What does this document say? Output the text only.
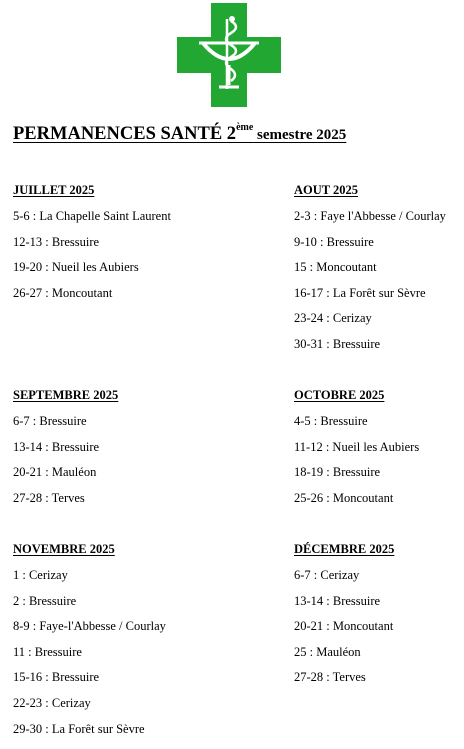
PERMANENCES SANTÉ 2ème semestre 2025
JUILLET 2025
5-6 : La Chapelle Saint Laurent
12-13 : Bressuire
19-20 : Nueil les Aubiers
26-27 : Moncoutant
AOUT 2025
2-3 : Faye l'Abbesse / Courlay
9-10 : Bressuire
15 : Moncoutant
16-17 : La Forêt sur Sèvre
23-24 : Cerizay
30-31 : Bressuire
SEPTEMBRE 2025
6-7 : Bressuire
13-14 : Bressuire
20-21 : Mauléon
27-28 : Terves
OCTOBRE 2025
4-5 : Bressuire
11-12 : Nueil les Aubiers
18-19 : Bressuire
25-26 : Moncoutant
NOVEMBRE 2025
1 : Cerizay
2 : Bressuire
8-9 : Faye-l'Abbesse / Courlay
11 : Bressuire
15-16 : Bressuire
22-23 : Cerizay
29-30 : La Forêt sur Sèvre
DÉCEMBRE 2025
6-7 : Cerizay
13-14 : Bressuire
20-21 : Moncoutant
25 : Mauléon
27-28 : Terves
